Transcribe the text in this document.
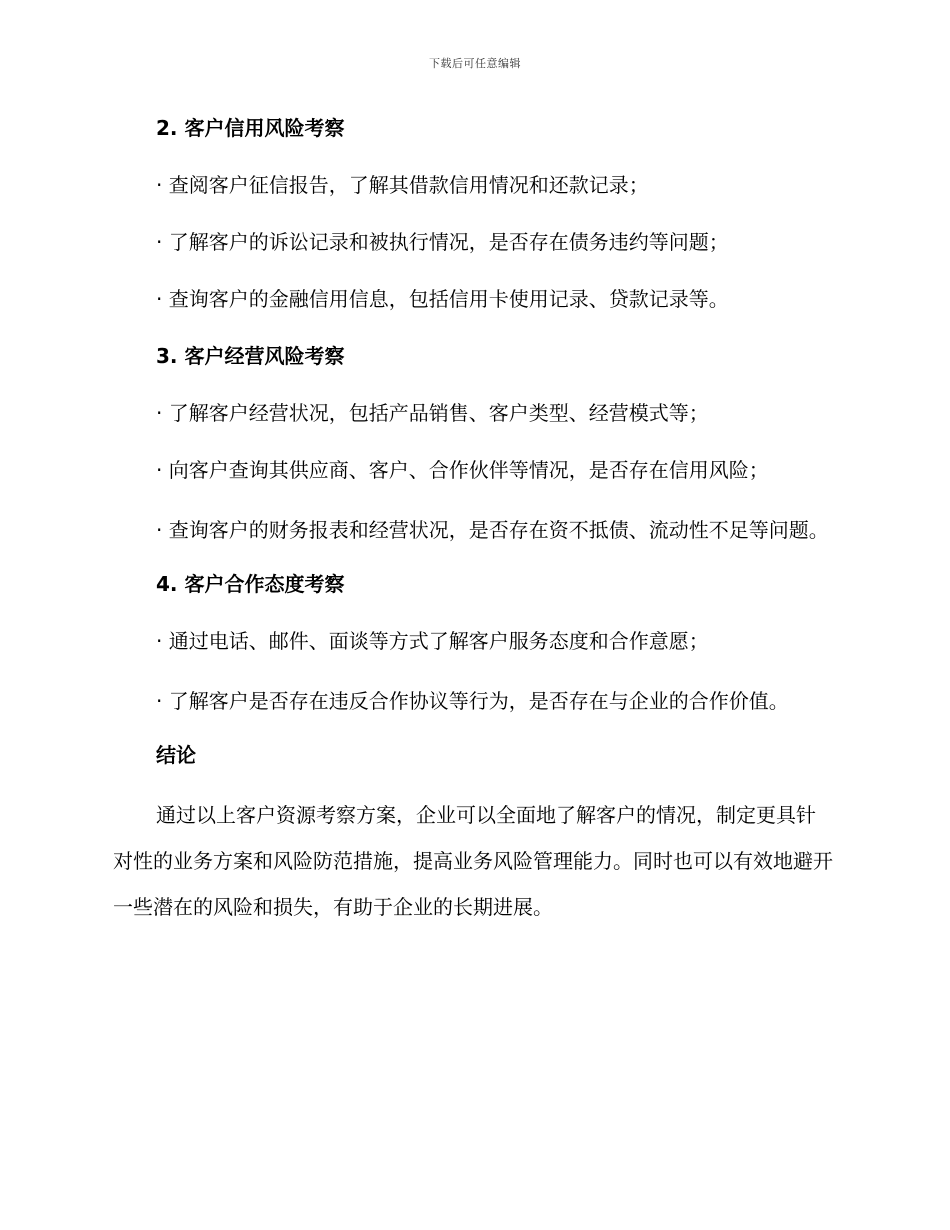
下载后可任意编辑
2. 客户信用风险考察

· 查阅客户征信报告，了解其借款信用情况和还款记录；

· 了解客户的诉讼记录和被执行情况，是否存在债务违约等问题；

· 查询客户的金融信用信息，包括信用卡使用记录、贷款记录等。

3. 客户经营风险考察

· 了解客户经营状况，包括产品销售、客户类型、经营模式等；

· 向客户查询其供应商、客户、合作伙伴等情况，是否存在信用风险；

· 查询客户的财务报表和经营状况，是否存在资不抵债、流动性不足等问题。

4. 客户合作态度考察

· 通过电话、邮件、面谈等方式了解客户服务态度和合作意愿；

· 了解客户是否存在违反合作协议等行为，是否存在与企业的合作价值。

结论

通过以上客户资源考察方案，企业可以全面地了解客户的情况，制定更具针对性的业务方案和风险防范措施，提高业务风险管理能力。同时也可以有效地避开一些潜在的风险和损失，有助于企业的长期进展。
